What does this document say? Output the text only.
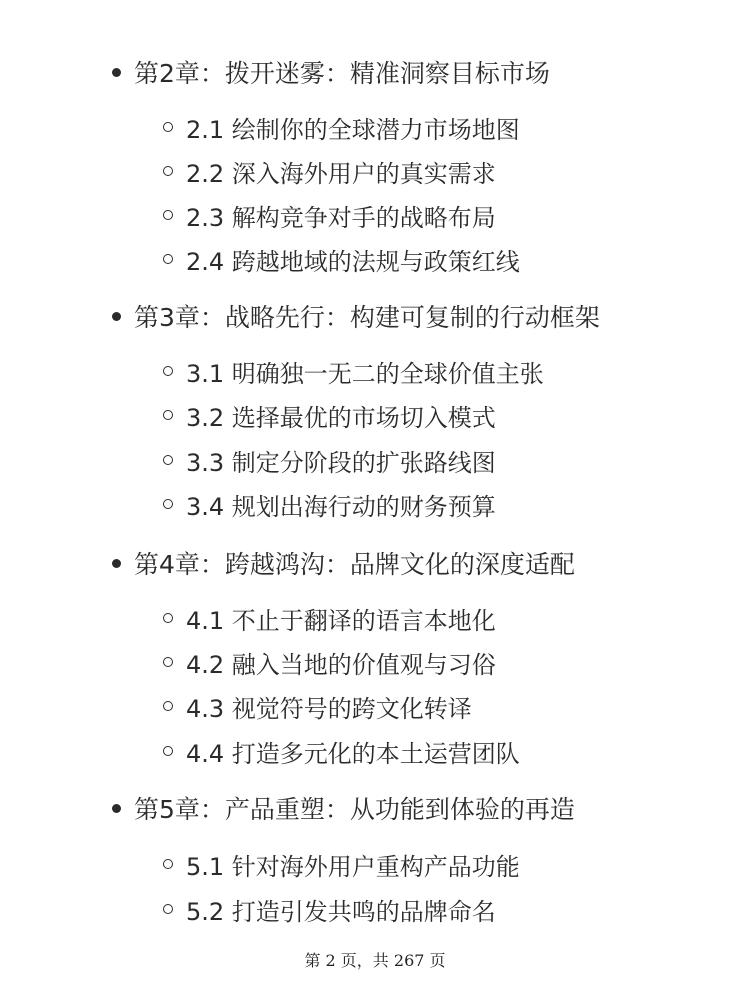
第2章：拨开迷雾：精准洞察目标市场
2.1 绘制你的全球潜力市场地图
2.2 深入海外用户的真实需求
2.3 解构竞争对手的战略布局
2.4 跨越地域的法规与政策红线
第3章：战略先行：构建可复制的行动框架
3.1 明确独一无二的全球价值主张
3.2 选择最优的市场切入模式
3.3 制定分阶段的扩张路线图
3.4 规划出海行动的财务预算
第4章：跨越鸿沟：品牌文化的深度适配
4.1 不止于翻译的语言本地化
4.2 融入当地的价值观与习俗
4.3 视觉符号的跨文化转译
4.4 打造多元化的本土运营团队
第5章：产品重塑：从功能到体验的再造
5.1 针对海外用户重构产品功能
5.2 打造引发共鸣的品牌命名
第 2 页，共 267 页
